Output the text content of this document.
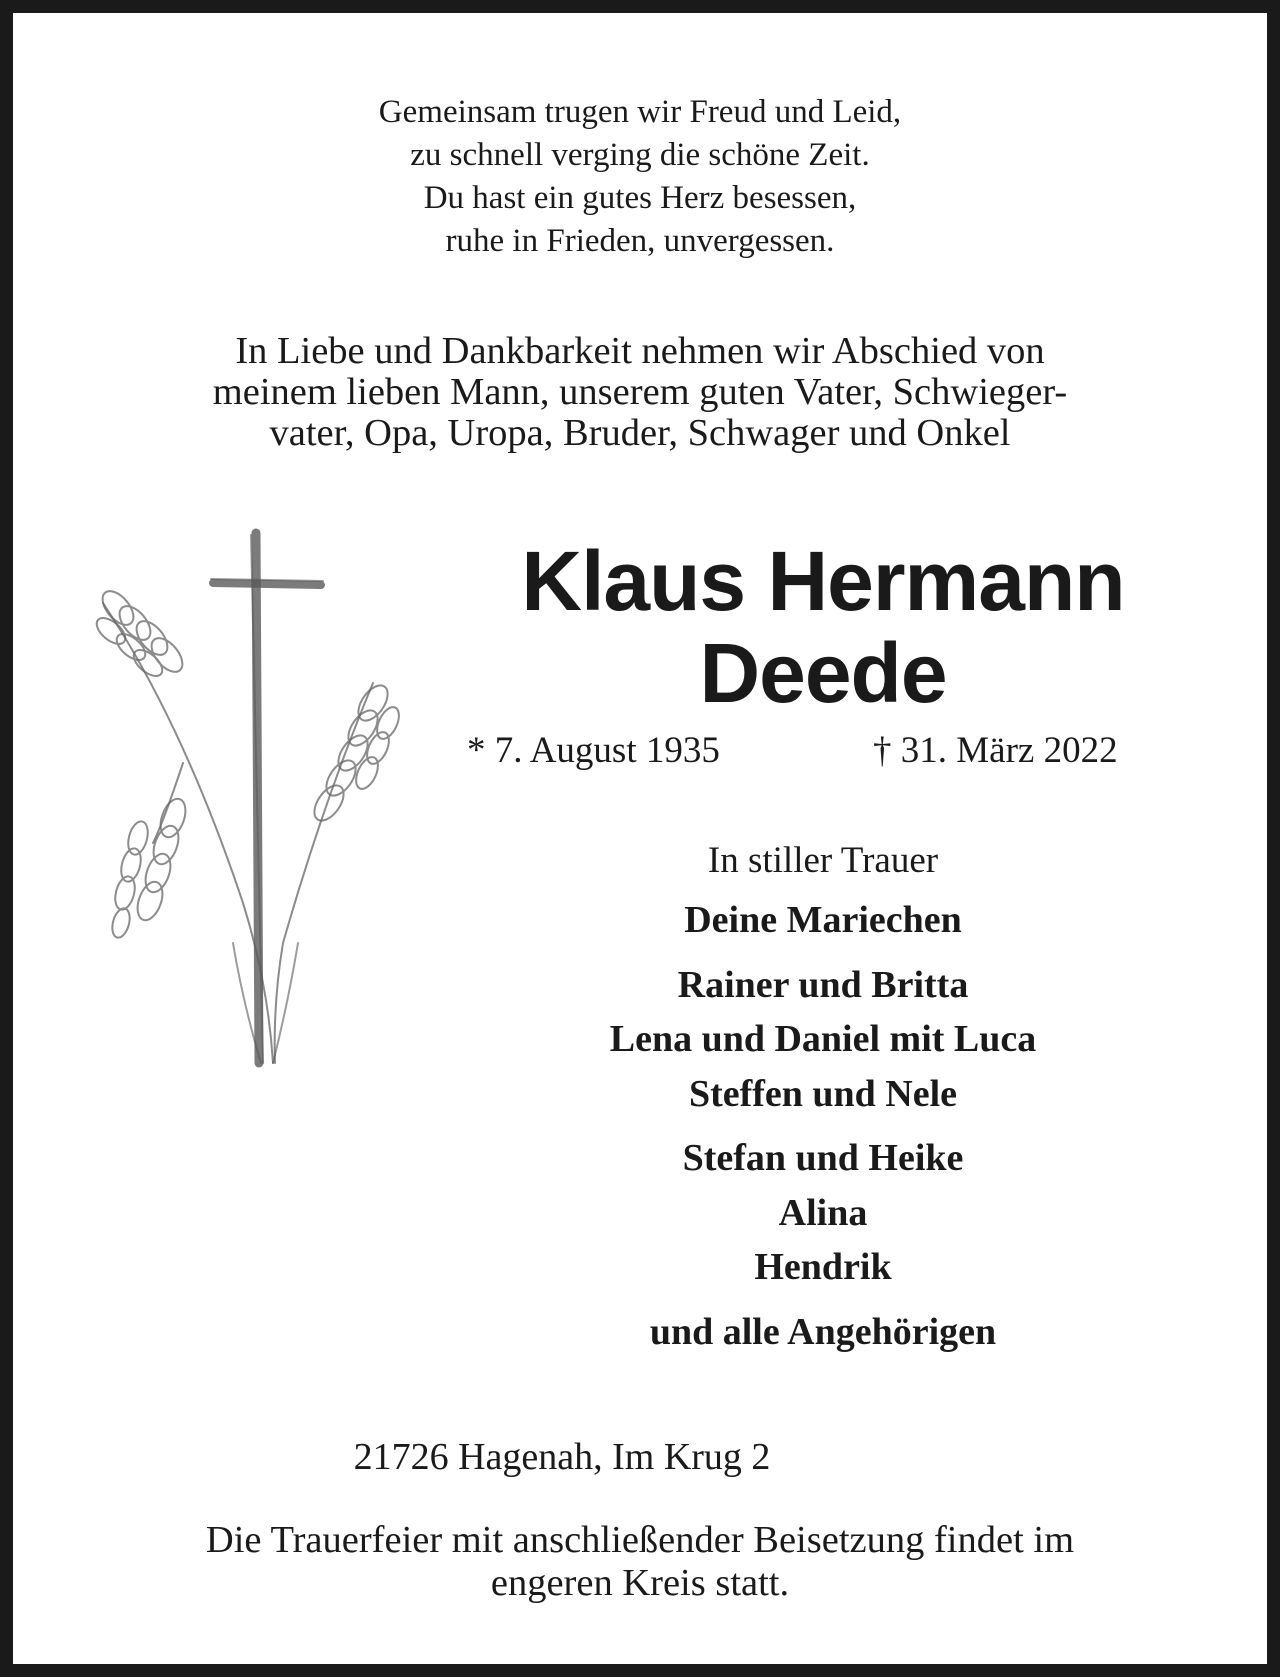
Gemeinsam trugen wir Freud und Leid,
zu schnell verging die schöne Zeit.
Du hast ein gutes Herz besessen,
ruhe in Frieden, unvergessen.
In Liebe und Dankbarkeit nehmen wir Abschied von
meinem lieben Mann, unserem guten Vater, Schwieger-
vater, Opa, Uropa, Bruder, Schwager und Onkel
Klaus Hermann
Deede
* 7. August 1935	† 31. März 2022
In stiller Trauer
Deine Mariechen
Rainer und Britta
Lena und Daniel mit Luca
Steffen und Nele
Stefan und Heike
Alina
Hendrik
und alle Angehörigen
21726 Hagenah, Im Krug 2
Die Trauerfeier mit anschließender Beisetzung findet im
engeren Kreis statt.
